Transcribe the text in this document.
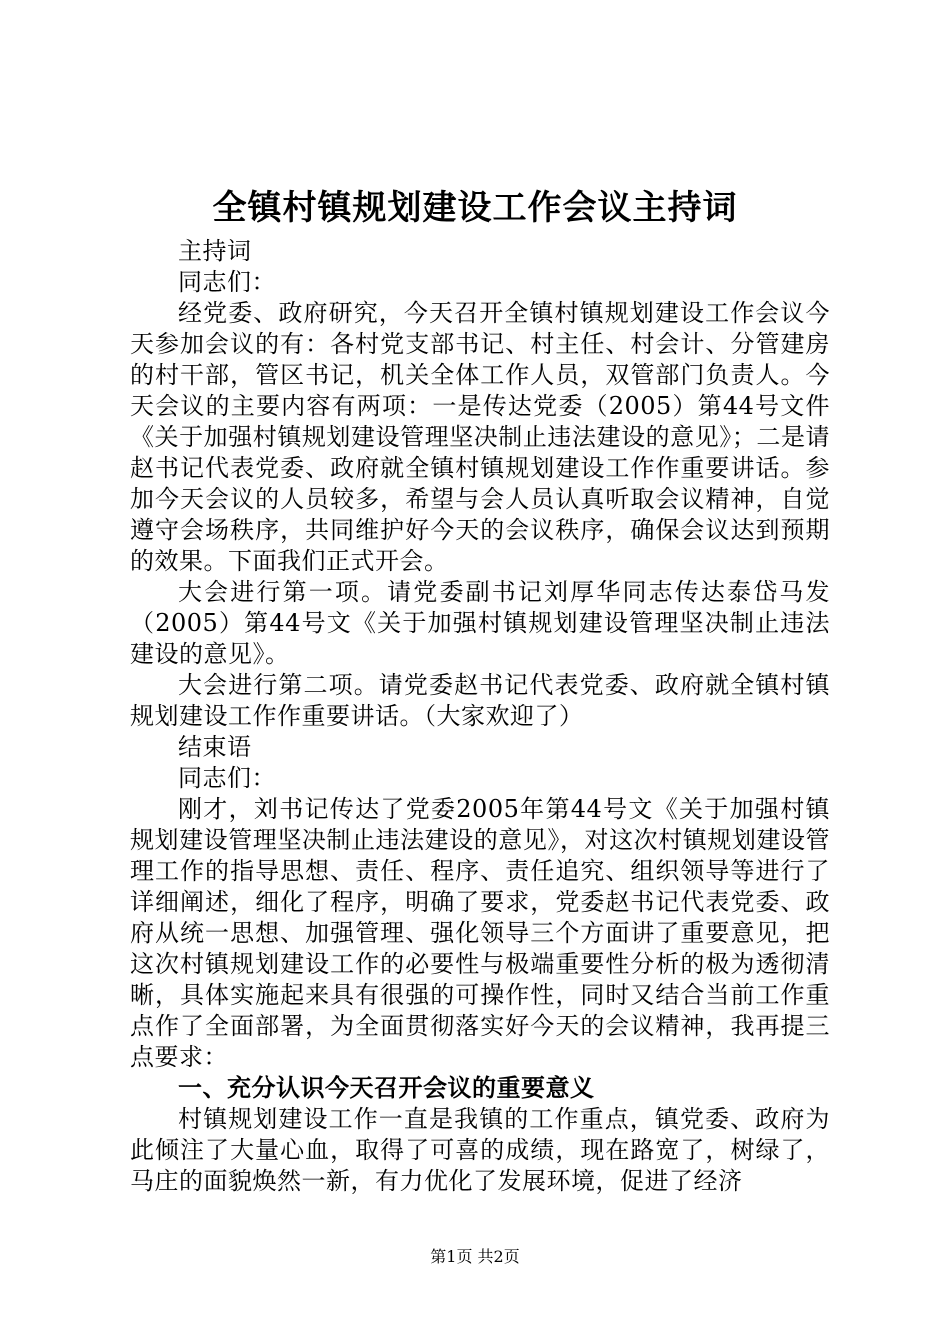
全镇村镇规划建设工作会议主持词

主持词

同志们：

经党委、政府研究，今天召开全镇村镇规划建设工作会议今天参加会议的有：各村党支部书记、村主任、村会计、分管建房的村干部，管区书记，机关全体工作人员，双管部门负责人。今天会议的主要内容有两项：一是传达党委（2005）第44号文件《关于加强村镇规划建设管理坚决制止违法建设的意见》；二是请赵书记代表党委、政府就全镇村镇规划建设工作作重要讲话。参加今天会议的人员较多，希望与会人员认真听取会议精神，自觉遵守会场秩序，共同维护好今天的会议秩序，确保会议达到预期的效果。下面我们正式开会。

大会进行第一项。请党委副书记刘厚华同志传达泰岱马发（2005）第44号文《关于加强村镇规划建设管理坚决制止违法建设的意见》。

大会进行第二项。请党委赵书记代表党委、政府就全镇村镇规划建设工作作重要讲话。（大家欢迎了）

结束语

同志们：

刚才，刘书记传达了党委2005年第44号文《关于加强村镇规划建设管理坚决制止违法建设的意见》，对这次村镇规划建设管理工作的指导思想、责任、程序、责任追究、组织领导等进行了详细阐述，细化了程序，明确了要求，党委赵书记代表党委、政府从统一思想、加强管理、强化领导三个方面讲了重要意见，把这次村镇规划建设工作的必要性与极端重要性分析的极为透彻清晰，具体实施起来具有很强的可操作性，同时又结合当前工作重点作了全面部署，为全面贯彻落实好今天的会议精神，我再提三点要求：

一、充分认识今天召开会议的重要意义

村镇规划建设工作一直是我镇的工作重点，镇党委、政府为此倾注了大量心血，取得了可喜的成绩，现在路宽了，树绿了，马庄的面貌焕然一新，有力优化了发展环境，促进了经济

第1页 共2页
